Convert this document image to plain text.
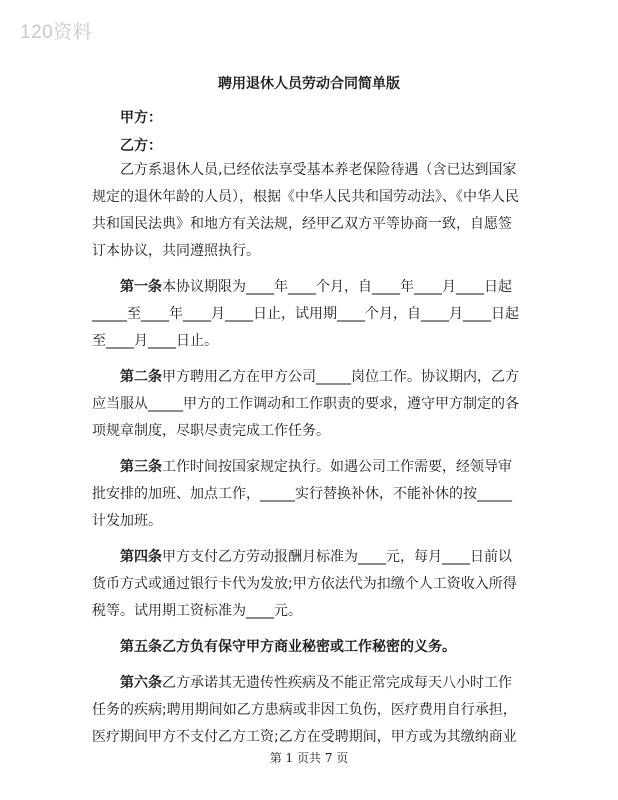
120资料
聘用退休人员劳动合同简单版
甲方：
乙方：

乙方系退休人员,已经依法享受基本养老保险待遇（含已达到国家规定的退休年龄的人员），根据《中华人民共和国劳动法》、《中华人民共和国民法典》和地方有关法规，经甲乙双方平等协商一致，自愿签订本协议，共同遵照执行。

第一条本协议期限为____年____个月，自____年____月____日起_____至____年____月____日止，试用期____个月，自____月____日起至____月____日止。

第二条甲方聘用乙方在甲方公司_____岗位工作。协议期内，乙方应当服从_____甲方的工作调动和工作职责的要求，遵守甲方制定的各项规章制度，尽职尽责完成工作任务。

第三条工作时间按国家规定执行。如遇公司工作需要，经领导审批安排的加班、加点工作，_____实行替换补休，不能补休的按_____计发加班。

第四条甲方支付乙方劳动报酬月标准为____元，每月____日前以货币方式或通过银行卡代为发放;甲方依法代为扣缴个人工资收入所得税等。试用期工资标准为____元。

第五条乙方负有保守甲方商业秘密或工作秘密的义务。

第六条乙方承诺其无遗传性疾病及不能正常完成每天八小时工作任务的疾病;聘用期间如乙方患病或非因工负伤，医疗费用自行承担，医疗期间甲方不支付乙方工资;乙方在受聘期间，甲方或为其缴纳商业

第 1 页共 7 页
